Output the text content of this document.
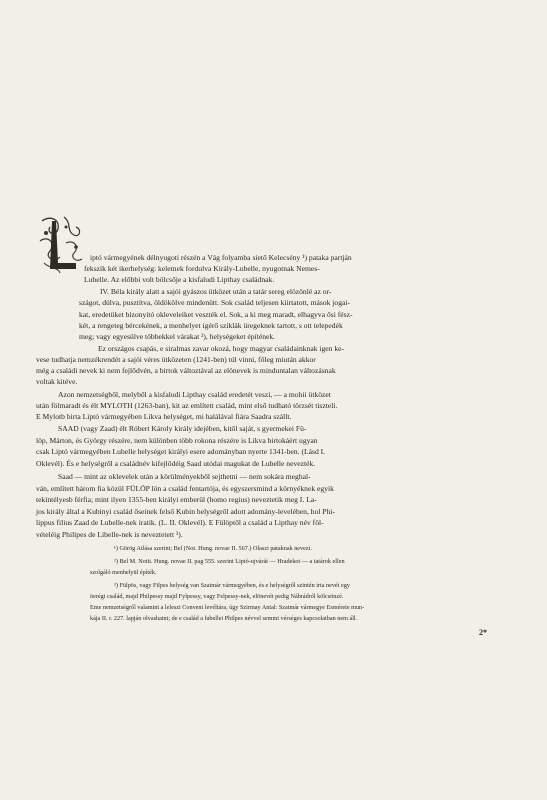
iptó vármegyének délnyugoti részén a Vág folyamba siető Kelecsény ¹) pataka partján
fekszik két ikerhelység: keletnek fordulva Király-Lubelle, nyugotnak Nemes-
Lubelle. Az előbbi volt bölcsője a kisfaludi Lipthay családnak.
IV. Béla király alatt a sajói gyászos ütközet után a tatár sereg elözönlé az or-
szágot, dúlva, pusztítva, öldökölve mindenütt. Sok család teljesen kiirtatott, mások jogai-
kat, eredetüket bizonyító okleveleiket veszték el. Sok, a ki meg maradt, elhagyva ősi fész-
két, a rengeteg bércekének, a menhelyet igérő sziklák üregeknek tartott, s ott telepedék
meg; vagy egyesülve többekkel várakat ²), helységeket építének.
Ez országos csapás, e siralmas zavar okozá, hogy magyar családainknak igen ke-
vese tudhatja nemzékrendét a sajói véres ütközeten (1241-ben) túl vinni, főleg miután akkor
még a családi nevek ki nem fejlődvén, a birtok változtával az elönevek is minduntalan változásnak
voltak kitéve.
Azon nemzetségből, melyből a kisfaludi Lipthay család eredetét veszi, — a mohii ütközet
után fölmaradt és élt MYLOTH (1263-ban), kit az említett család, mint első tudható törzsét tiszteli.
E Mylotb birta Liptó vármegyében Likva helységet, mi halálával fiára Saadra szállt.
SAAD (vagy Zaad) élt Róbert Károly király idejében, kitől saját, s gyermekei Fü-
löp, Márton, és György részére, nem különben több rokona részére is Likva birtokáért ugyan
csak Liptó vármegyében Lubelle helységet királyi esere adományban nyerte 1341-ben. (Lásd I.
Oklevél). És e helységről a családnév kifejlődéig Saad utódai magukat de Lubelle nevezték.
Saad — mint az oklevelek után a körülményekből sejthetni — nem sokára meghal-
ván, említett három fia közül FÜLÖP lön a család fentartója, és egyszersmind a környéknek egyik
tekintélyesb férfia; mint ilyen 1355-ben királyi emberül (homo regius) neveztetik meg I. La-
jos király által a Kubinyi család őseinek felső Kubin helységről adott adomány-levelében, hol Phi-
lippus filius Zaad de Lubelle-nek iratik. (L. II. Oklevél). E Fülöptől a család a Lipthay név föl-
vételéig Philipes de Libelle-nek is neveztetett ³).
¹) Görög Atlása szerint; Bel (Not. Hung. novae II. 567.) Olaszi pataknak nevezi.
²) Bel M. Notit. Hung. novae II. pag 555. szerint Liptó-ujvárát — Hradekot — a tatárok ellen
szolgáló menhelyül építék.
³) Fülpös, vagy Filpes helység van Szatmár vármegyében, és e helységről szintén írta nevét egy
öerégi család, majd Philpessy majd Fylpessy, vagy Felpessy-nek, elönevét pedig Nábrádról kölcsönzé.
Eme nemzetségről valamint a leleszi Convent levéltára, úgy Szirmay Antal: Szatmár vármegye Esmérete mun-
kája II. r. 227. lapján olvashatni; de e család a lubellei Philpes névvel semmi vérséges kapcsolatban nem áll.
2*
